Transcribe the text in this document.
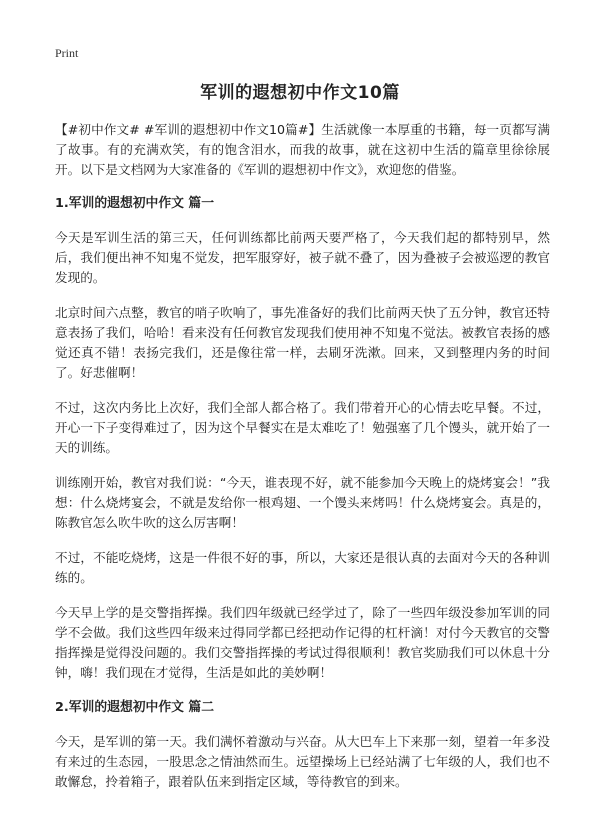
Print
军训的遐想初中作文10篇

【#初中作文# #军训的遐想初中作文10篇#】生活就像一本厚重的书籍，每一页都写满了故事。有的充满欢笑，有的饱含泪水，而我的故事，就在这初中生活的篇章里徐徐展开。以下是文档网为大家准备的《军训的遐想初中作文》，欢迎您的借鉴。

1.军训的遐想初中作文 篇一

今天是军训生活的第三天，任何训练都比前两天要严格了，今天我们起的都特别早，然后，我们便出神不知鬼不觉发，把军服穿好，被子就不叠了，因为叠被子会被巡逻的教官发现的。

北京时间六点整，教官的哨子吹响了，事先准备好的我们比前两天快了五分钟，教官还特意表扬了我们，哈哈！看来没有任何教官发现我们使用神不知鬼不觉法。被教官表扬的感觉还真不错！表扬完我们，还是像往常一样，去刷牙洗漱。回来，又到整理内务的时间了。好悲催啊！

不过，这次内务比上次好，我们全部人都合格了。我们带着开心的心情去吃早餐。不过，开心一下子变得难过了，因为这个早餐实在是太难吃了！勉强塞了几个馒头，就开始了一天的训练。

训练刚开始，教官对我们说：“今天，谁表现不好，就不能参加今天晚上的烧烤宴会！”我想：什么烧烤宴会，不就是发给你一根鸡翅、一个馒头来烤吗！什么烧烤宴会。真是的，陈教官怎么吹牛吹的这么厉害啊！

不过，不能吃烧烤，这是一件很不好的事，所以，大家还是很认真的去面对今天的各种训练的。

今天早上学的是交警指挥操。我们四年级就已经学过了，除了一些四年级没参加军训的同学不会做。我们这些四年级来过得同学都已经把动作记得的杠杆滴！对付今天教官的交警指挥操是觉得没问题的。我们交警指挥操的考试过得很顺利！教官奖励我们可以休息十分钟，嗨！我们现在才觉得，生活是如此的美妙啊！

2.军训的遐想初中作文 篇二

今天，是军训的第一天。我们满怀着激动与兴奋。从大巴车上下来那一刻，望着一年多没有来过的生态园，一股思念之情油然而生。远望操场上已经站满了七年级的人，我们也不敢懈怠，拎着箱子，跟着队伍来到指定区域，等待教官的到来。
